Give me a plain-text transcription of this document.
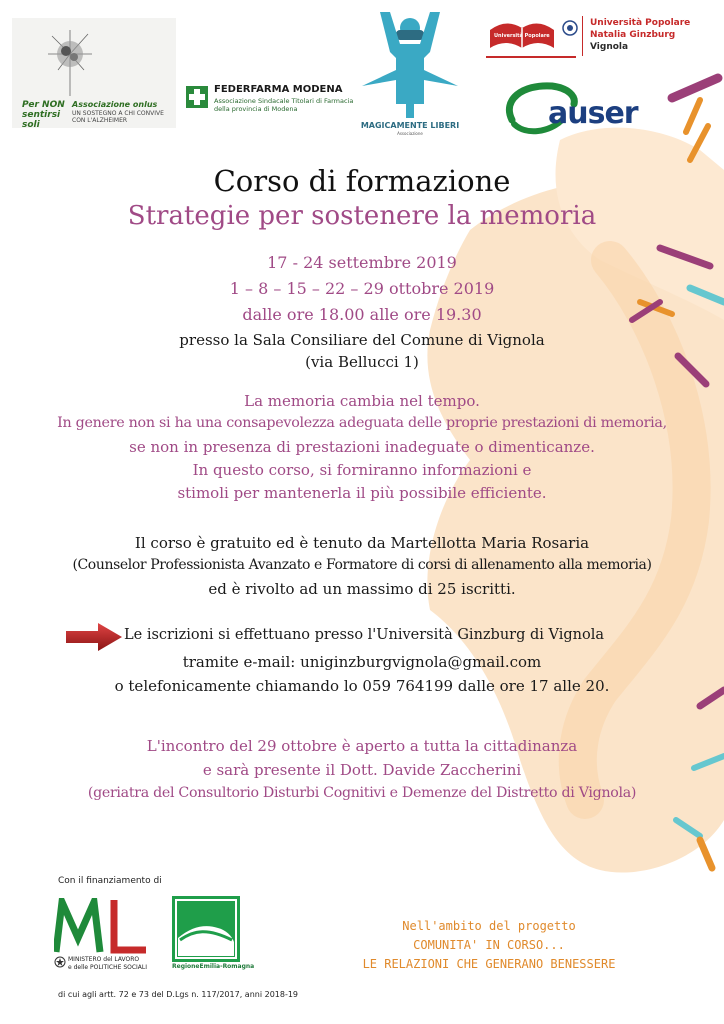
Per NON sentirsi soli
Associazione onlus
UN SOSTEGNO A CHI CONVIVE
CON L'ALZHEIMER
FEDERFARMA MODENA
Associazione Sindacale Titolari di Farmacia
della provincia di Modena
MAGICAMENTE LIBERI
Associazione
Università Popolare
Università Popolare
Natalia Ginzburg
Vignola
auser
Corso di formazione
Strategie per sostenere la memoria
17 - 24 settembre 2019
1 – 8 – 15 – 22 – 29 ottobre 2019
dalle ore 18.00 alle ore 19.30
presso la Sala Consiliare del Comune di Vignola
(via Bellucci 1)
La memoria cambia nel tempo.
In genere non si ha una consapevolezza adeguata delle proprie prestazioni di memoria,
se non in presenza di prestazioni inadeguate o dimenticanze.
In questo corso, si forniranno informazioni e
stimoli per mantenerla il più possibile efficiente.
Il corso è gratuito ed è tenuto da Martellotta Maria Rosaria
(Counselor Professionista Avanzato e Formatore di corsi di allenamento alla memoria)
ed è rivolto ad un massimo di 25 iscritti.
Le iscrizioni si effettuano presso l'Università Ginzburg di Vignola
tramite e-mail: uniginzburgvignola@gmail.com
o telefonicamente chiamando lo 059 764199 dalle ore 17 alle 20.
L'incontro del 29 ottobre è aperto a tutta la cittadinanza
e sarà presente il Dott. Davide Zaccherini
(geriatra del Consultorio Disturbi Cognitivi e Demenze del Distretto di Vignola)
Con il finanziamento di
MINISTERO del LAVORO
e delle POLITICHE SOCIALI	RegioneEmilia-Romagna
di cui agli artt. 72 e 73 del D.Lgs n. 117/2017, anni 2018-19
Nell'ambito del progetto
COMUNITA' IN CORSO...
LE RELAZIONI CHE GENERANO BENESSERE
